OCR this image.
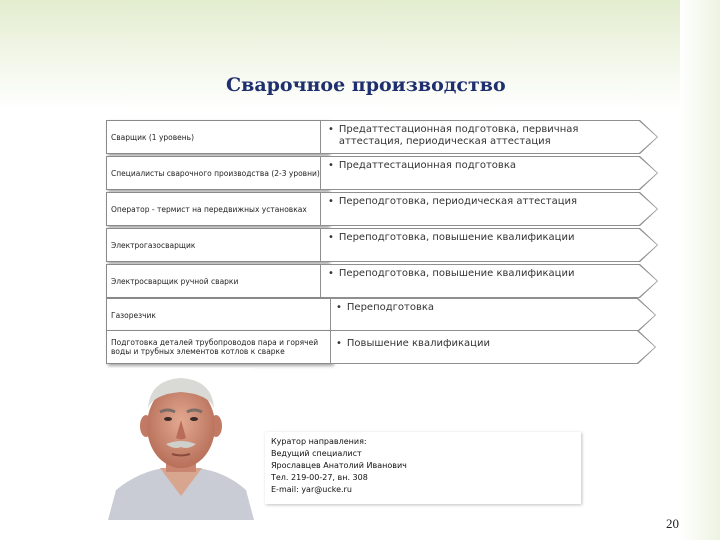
Сварочное производство
Сварщик (1 уровень)
• Предаттестационная подготовка, первичная аттестация, периодическая аттестация
Специалисты сварочного производства (2-3 уровни)
• Предаттестационная подготовка
Оператор - термист на передвижных установках
• Переподготовка, периодическая аттестация
Электрогазосварщик
• Переподготовка, повышение квалификации
Электросварщик ручной сварки
• Переподготовка, повышение квалификации
Газорезчик
• Переподготовка
Подготовка деталей трубопроводов пара и горячей воды и трубных элементов котлов к сварке
• Повышение квалификации
Куратор направления:
Ведущий специалист
Ярославцев Анатолий Иванович
Тел. 219-00-27, вн. 308
E-mail: yar@ucke.ru
20
